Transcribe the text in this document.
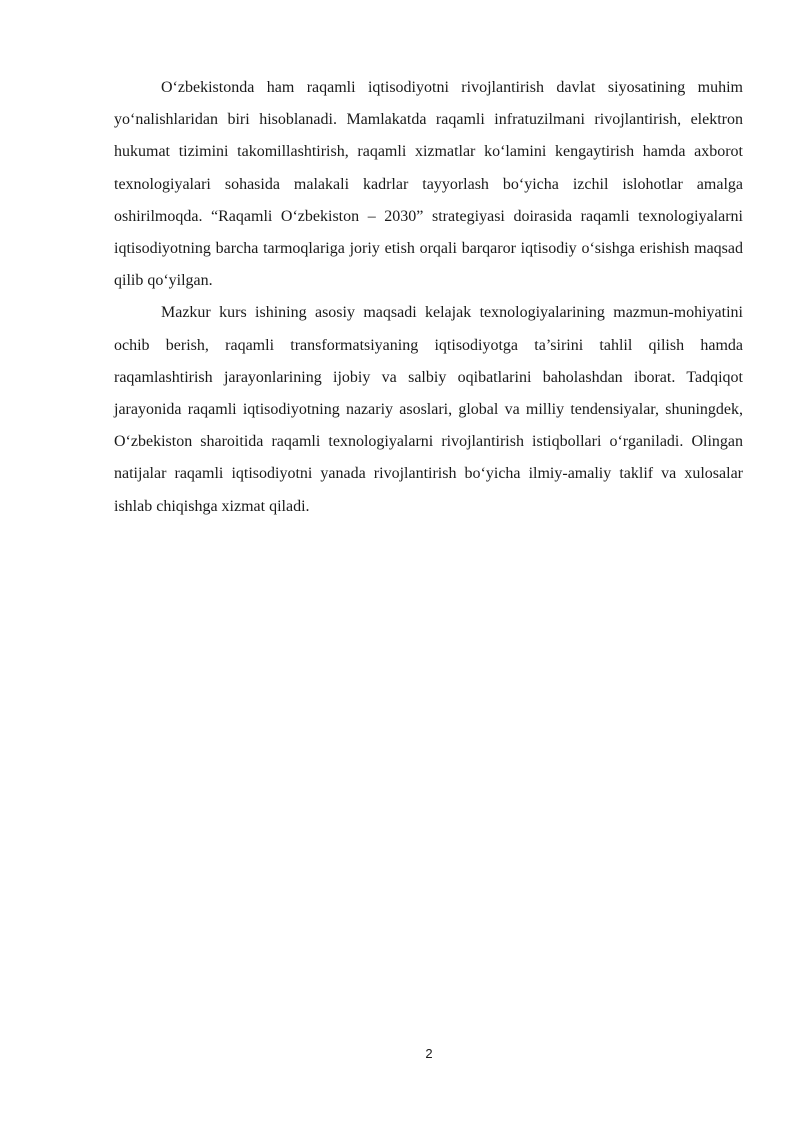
O‘zbekistonda ham raqamli iqtisodiyotni rivojlantirish davlat siyosatining muhim yo‘nalishlaridan biri hisoblanadi. Mamlakatda raqamli infratuzilmani rivojlantirish, elektron hukumat tizimini takomillashtirish, raqamli xizmatlar ko‘lamini kengaytirish hamda axborot texnologiyalari sohasida malakali kadrlar tayyorlash bo‘yicha izchil islohotlar amalga oshirilmoqda. “Raqamli O‘zbekiston – 2030” strategiyasi doirasida raqamli texnologiyalarni iqtisodiyotning barcha tarmoqlariga joriy etish orqali barqaror iqtisodiy o‘sishga erishish maqsad qilib qo‘yilgan.

Mazkur kurs ishining asosiy maqsadi kelajak texnologiyalarining mazmun-mohiyatini ochib berish, raqamli transformatsiyaning iqtisodiyotga ta’sirini tahlil qilish hamda raqamlashtirish jarayonlarining ijobiy va salbiy oqibatlarini baholashdan iborat. Tadqiqot jarayonida raqamli iqtisodiyotning nazariy asoslari, global va milliy tendensiyalar, shuningdek, O‘zbekiston sharoitida raqamli texnologiyalarni rivojlantirish istiqbollari o‘rganiladi. Olingan natijalar raqamli iqtisodiyotni yanada rivojlantirish bo‘yicha ilmiy-amaliy taklif va xulosalar ishlab chiqishga xizmat qiladi.

2
